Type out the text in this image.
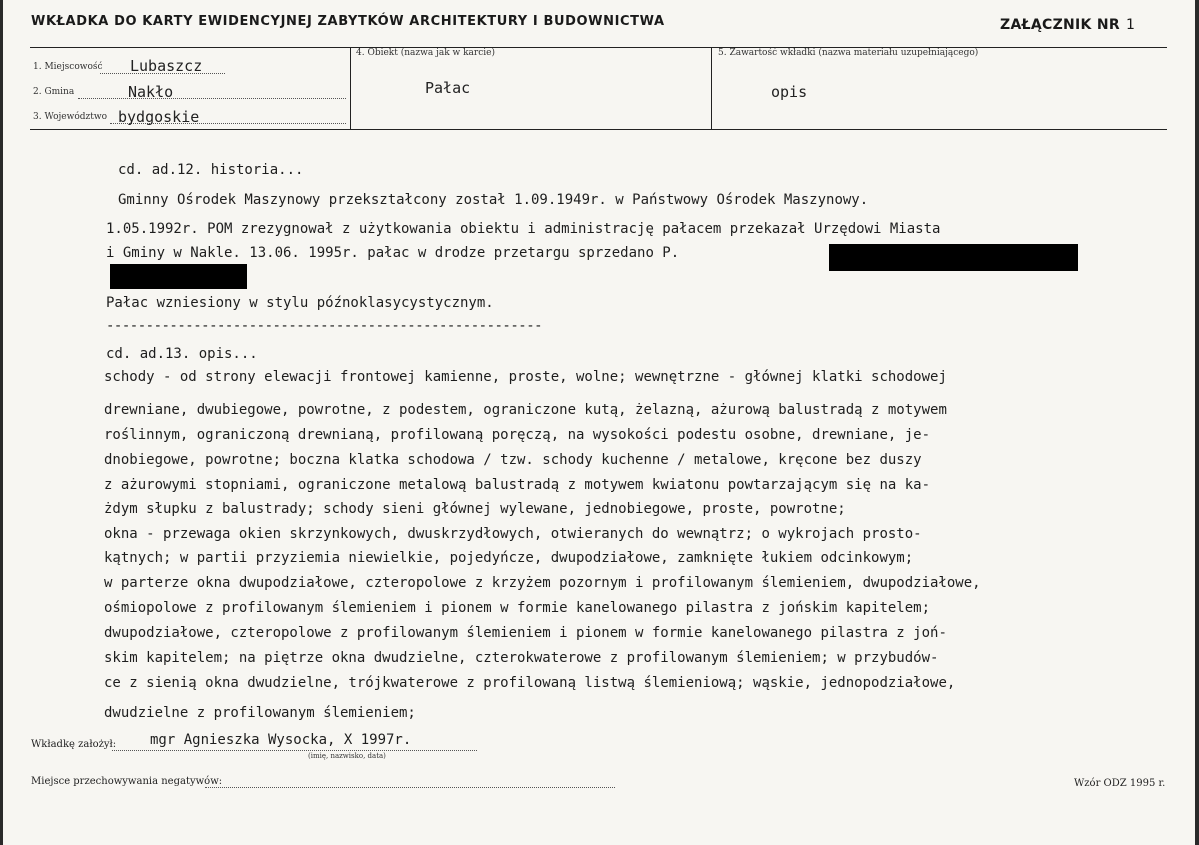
WKŁADKA DO KARTY EWIDENCYJNEJ ZABYTKÓW ARCHITEKTURY I BUDOWNICTWA	ZAŁĄCZNIK NR 1
1. Miejscowość Lubaszcz
2. Gmina	Nakło
3. Województwo bydgoskie
4. Obiekt (nazwa jak w karcie)
Pałac
5. Zawartość wkładki (nazwa materiału uzupełniającego)
opis
cd. ad.12. historia...
Gminny Ośrodek Maszynowy przekształcony został 1.09.1949r. w Państwowy Ośrodek Maszynowy.
1.05.1992r. POM zrezygnował z użytkowania obiektu i administrację pałacem przekazał Urzędowi Miasta
i Gminy w Nakle. 13.06. 1995r. pałac w drodze przetargu sprzedano P.
Pałac wzniesiony w stylu późnoklasycystycznym.
-------------------------------------------------------
cd. ad.13. opis...
schody - od strony elewacji frontowej kamienne, proste, wolne; wewnętrzne - głównej klatki schodowej
drewniane, dwubiegowe, powrotne, z podestem, ograniczone kutą, żelazną, ażurową balustradą z motywem
roślinnym, ograniczoną drewnianą, profilowaną poręczą, na wysokości podestu osobne, drewniane, je-
dnobiegowe, powrotne; boczna klatka schodowa / tzw. schody kuchenne / metalowe, kręcone bez duszy
z ażurowymi stopniami, ograniczone metalową balustradą z motywem kwiatonu powtarzającym się na ka-
żdym słupku z balustrady; schody sieni głównej wylewane, jednobiegowe, proste, powrotne;
okna - przewaga okien skrzynkowych, dwuskrzydłowych, otwieranych do wewnątrz; o wykrojach prosto-
kątnych; w partii przyziemia niewielkie, pojedyńcze, dwupodziałowe, zamknięte łukiem odcinkowym;
w parterze okna dwupodziałowe, czteropolowe z krzyżem pozornym i profilowanym ślemieniem, dwupodziałowe,
ośmiopolowe z profilowanym ślemieniem i pionem w formie kanelowanego pilastra z jońskim kapitelem;
dwupodziałowe, czteropolowe z profilowanym ślemieniem i pionem w formie kanelowanego pilastra z joń-
skim kapitelem; na piętrze okna dwudzielne, czterokwaterowe z profilowanym ślemieniem; w przybudów-
ce z sienią okna dwudzielne, trójkwaterowe z profilowaną listwą ślemieniową; wąskie, jednopodziałowe,
dwudzielne z profilowanym ślemieniem;
Wkładkę założył: mgr Agnieszka Wysocka, X 1997r.
(imię, nazwisko, data)
Miejsce przechowywania negatywów:	Wzór ODZ 1995 r.
